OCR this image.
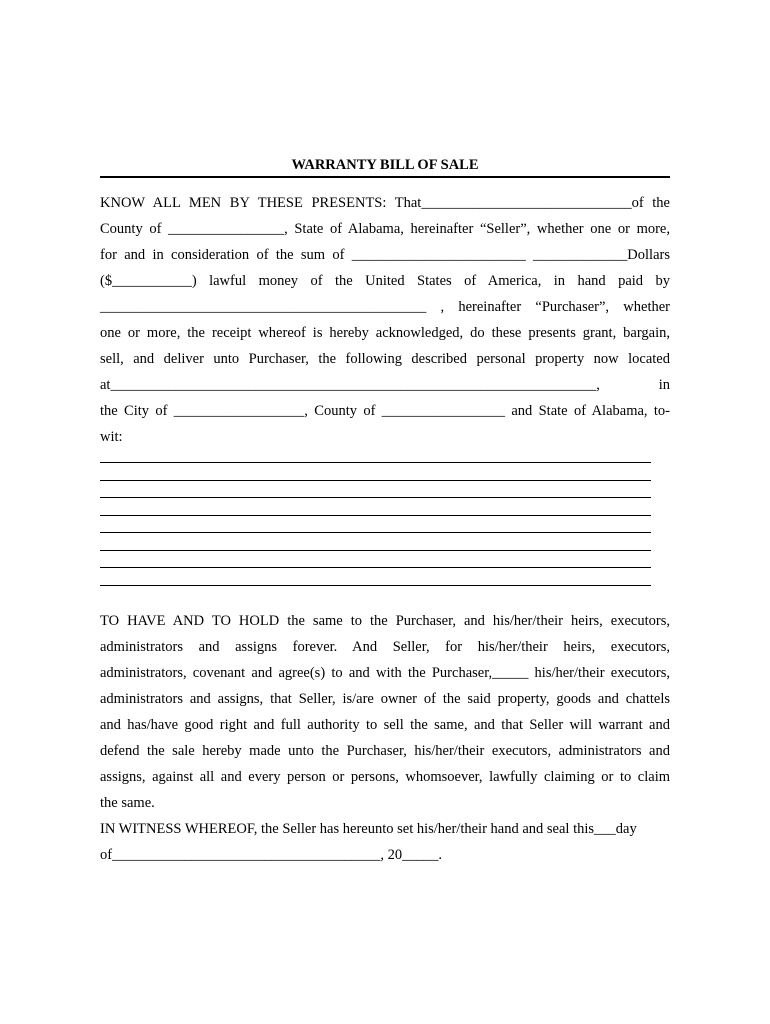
WARRANTY BILL OF SALE
KNOW ALL MEN BY THESE PRESENTS: That_____________________________of the
County of ________________, State of Alabama, hereinafter “Seller”, whether one or more,
for and in consideration of the sum of ________________________ _____________Dollars
($___________) lawful money of the United States of America, in hand paid by
_____________________________________________ , hereinafter “Purchaser”, whether
one or more, the receipt whereof is hereby acknowledged, do these presents grant, bargain,
sell, and deliver unto Purchaser, the following described personal property now located
at___________________________________________________________________, in
the City of __________________, County of _________________ and State of Alabama, to-
wit:
TO HAVE AND TO HOLD the same to the Purchaser, and his/her/their heirs, executors,
administrators and assigns forever. And Seller, for his/her/their heirs, executors,
administrators, covenant and agree(s) to and with the Purchaser,_____ his/her/their executors,
administrators and assigns, that Seller, is/are owner of the said property, goods and chattels
and has/have good right and full authority to sell the same, and that Seller will warrant and
defend the sale hereby made unto the Purchaser, his/her/their executors, administrators and
assigns, against all and every person or persons, whomsoever, lawfully claiming or to claim
the same.
IN WITNESS WHEREOF, the Seller has hereunto set his/her/their hand and seal this___day
of_____________________________________, 20_____.
